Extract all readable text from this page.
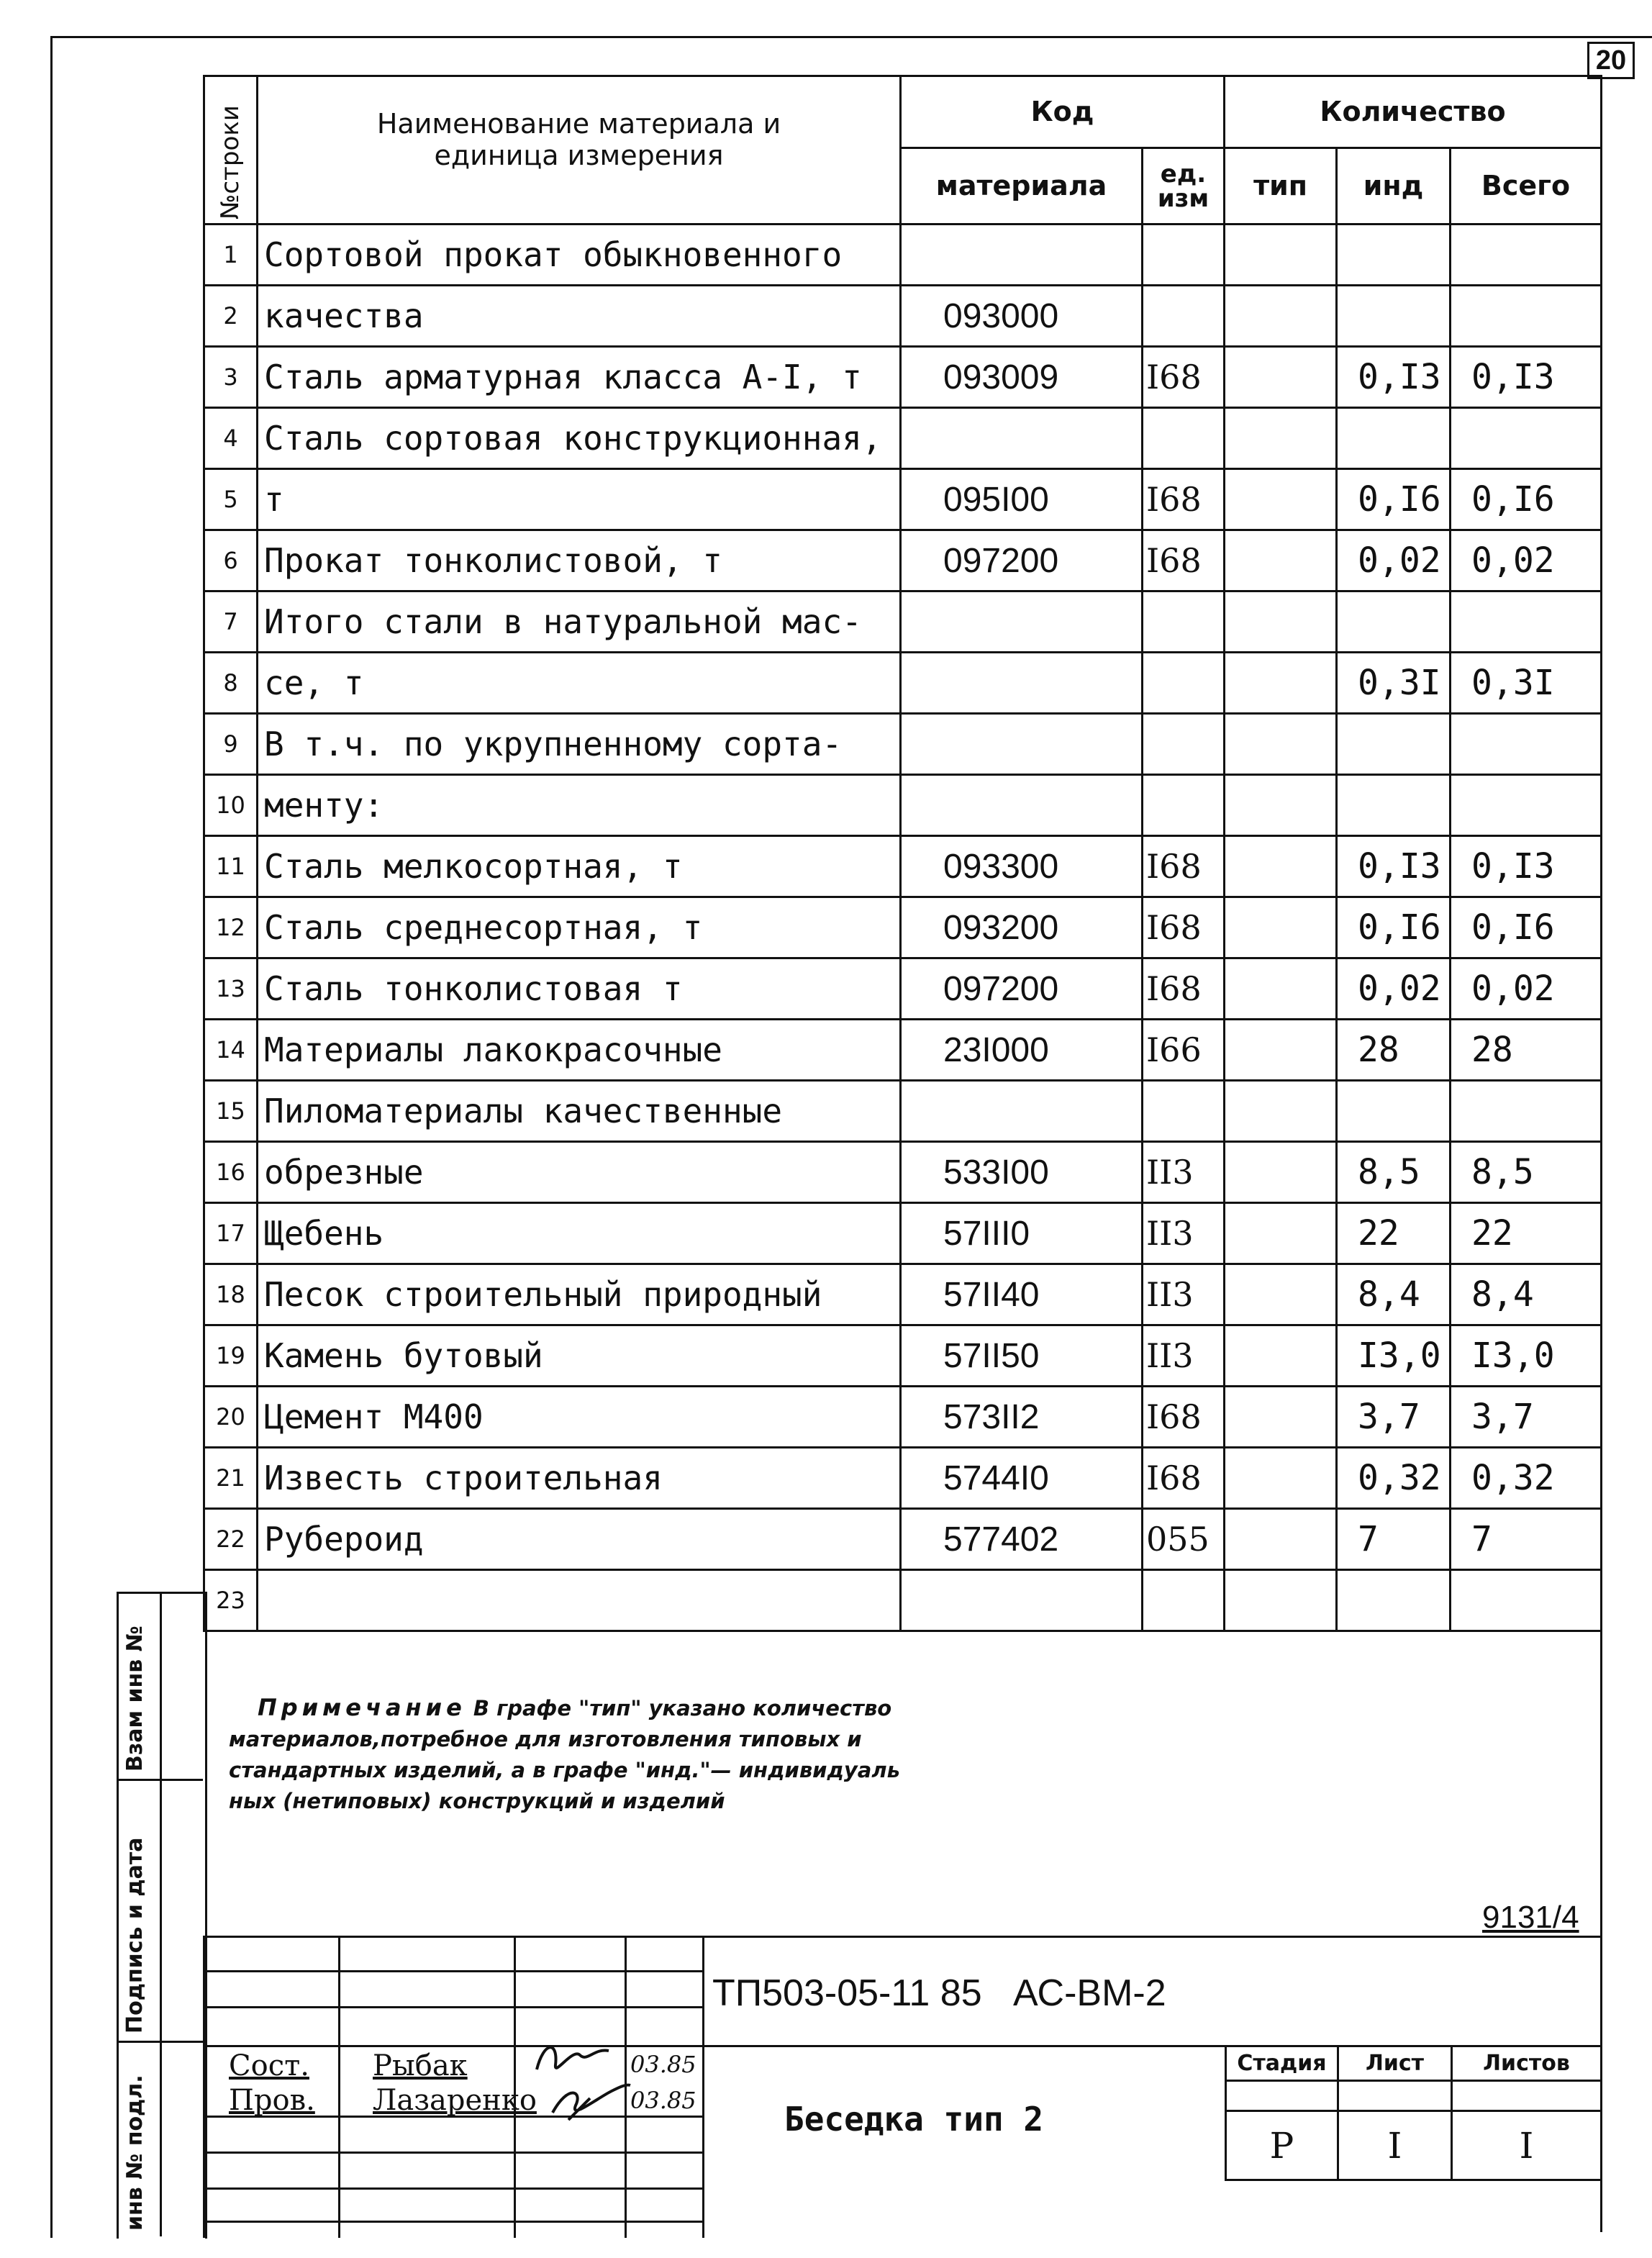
20
№строки	Наименование материала и единица измерения	Код		Количество		
		материала	ед. изм	тип	инд	Всего
1	Сортовой прокат обыкновенного					
2	качества	093000				
3	Сталь арматурная класса А-I, т	093009	I68		0,I3	0,I3
4	Сталь сортовая конструкционная,					
5	т	095I00	I68		0,I6	0,I6
6	Прокат тонколистовой, т	097200	I68		0,02	0,02
7	Итого стали в натуральной мас-					
8	се, т				0,3I	0,3I
9	В т.ч. по укрупненному сорта-					
10	менту:					
11	Сталь мелкосортная, т	093300	I68		0,I3	0,I3
12	Сталь среднесортная, т	093200	I68		0,I6	0,I6
13	Сталь тонколистовая т	097200	I68		0,02	0,02
14	Материалы лакокрасочные	23I000	I66		28	28
15	Пиломатериалы качественные					
16	обрезные	533I00	II3		8,5	8,5
17	Щебень	57III0	II3		22	22
18	Песок строительный природный	57II40	II3		8,4	8,4
19	Камень бутовый	57II50	II3		I3,0	I3,0
20	Цемент М400	573II2	I68		3,7	3,7
21	Известь строительная	5744I0	I68		0,32	0,32
22	Рубероид	577402	055		7	7
23						
Взам инв №
Подпись и дата
инв № подл.
Примечание В графе "тип" указано количество
материалов,потребное для изготовления типовых и
стандартных изделий, а в графе "инд."— индивидуаль
ных (нетиповых) конструкций и изделий
9131/4
ТП503-05-11 85   АС-ВМ-2
Сост. Рыбак	03.85
Пров. Лазаренко	03.85	Беседка тип 2
Стадия	Лист	Листов

Р	I	I
